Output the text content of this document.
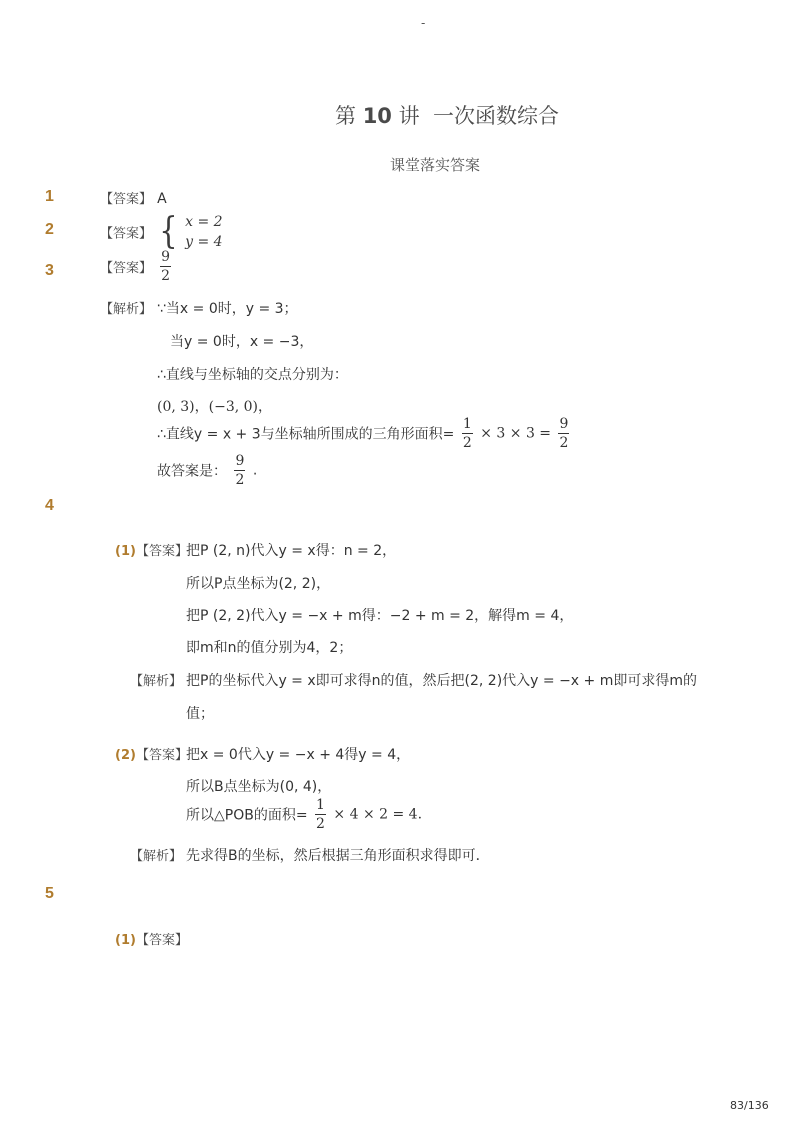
-
第 10 讲  一次函数综合
课堂落实答案
1	【答案】 A
2	【答案】 { x = 2
y = 4
3	【答案】 $\frac{9}{2}$
【解析】 ∵当x = 0时，y = 3；
当y = 0时，x = −3，
∴直线与坐标轴的交点分别为：
(0, 3)，(−3, 0)，
∴直线y = x + 3与坐标轴所围成的三角形面积= $\frac{1}{2} \times 3 \times 3 = \frac{9}{2}$
故答案是： $\frac{9}{2}$ .
4
(1)【答案】
把P (2, n)代入y = x得：n = 2，
所以P点坐标为(2, 2)，
把P (2, 2)代入y = −x + m得：−2 + m = 2，解得m = 4，
即m和n的值分别为4，2；
【解析】 把P的坐标代入y = x即可求得n的值，然后把(2, 2)代入y = −x + m即可求得m的
值；
(2)【答案】
把x = 0代入y = −x + 4得y = 4，
所以B点坐标为(0, 4)，
所以△POB的面积= $\frac{1}{2} \times 4 \times 2 = 4$.
【解析】 先求得B的坐标，然后根据三角形面积求得即可．
5
(1)【答案】
83/136
